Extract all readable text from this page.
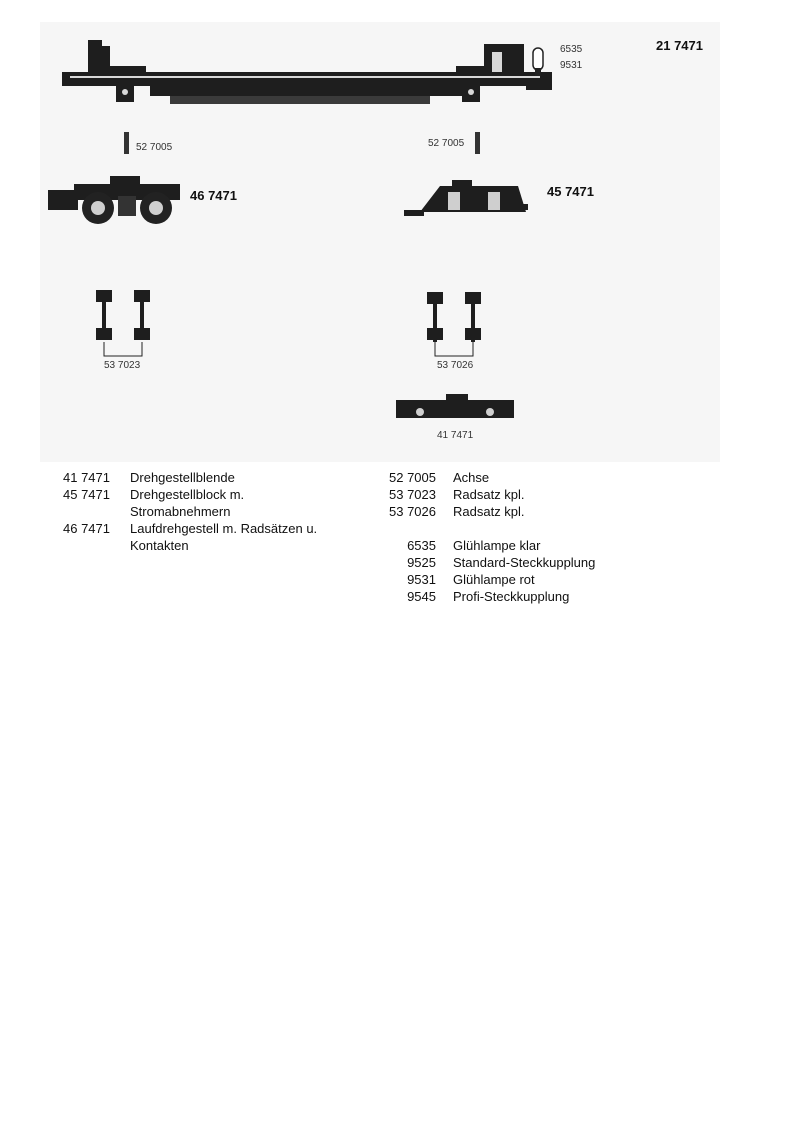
21 7471
6535
9531
52 7005	52 7005
46 7471	45 7471
53 7023	53 7026
41 7471
41 7471 Drehgestellblende
45 7471 Drehgestellblock m.
Stromabnehmern
46 7471 Laufdrehgestell m. Radsätzen u.
Kontakten
52 7005 Achse
53 7023 Radsatz kpl.
53 7026 Radsatz kpl.
6535 Glühlampe klar
9525 Standard-Steckkupplung
9531 Glühlampe rot
9545 Profi-Steckkupplung
